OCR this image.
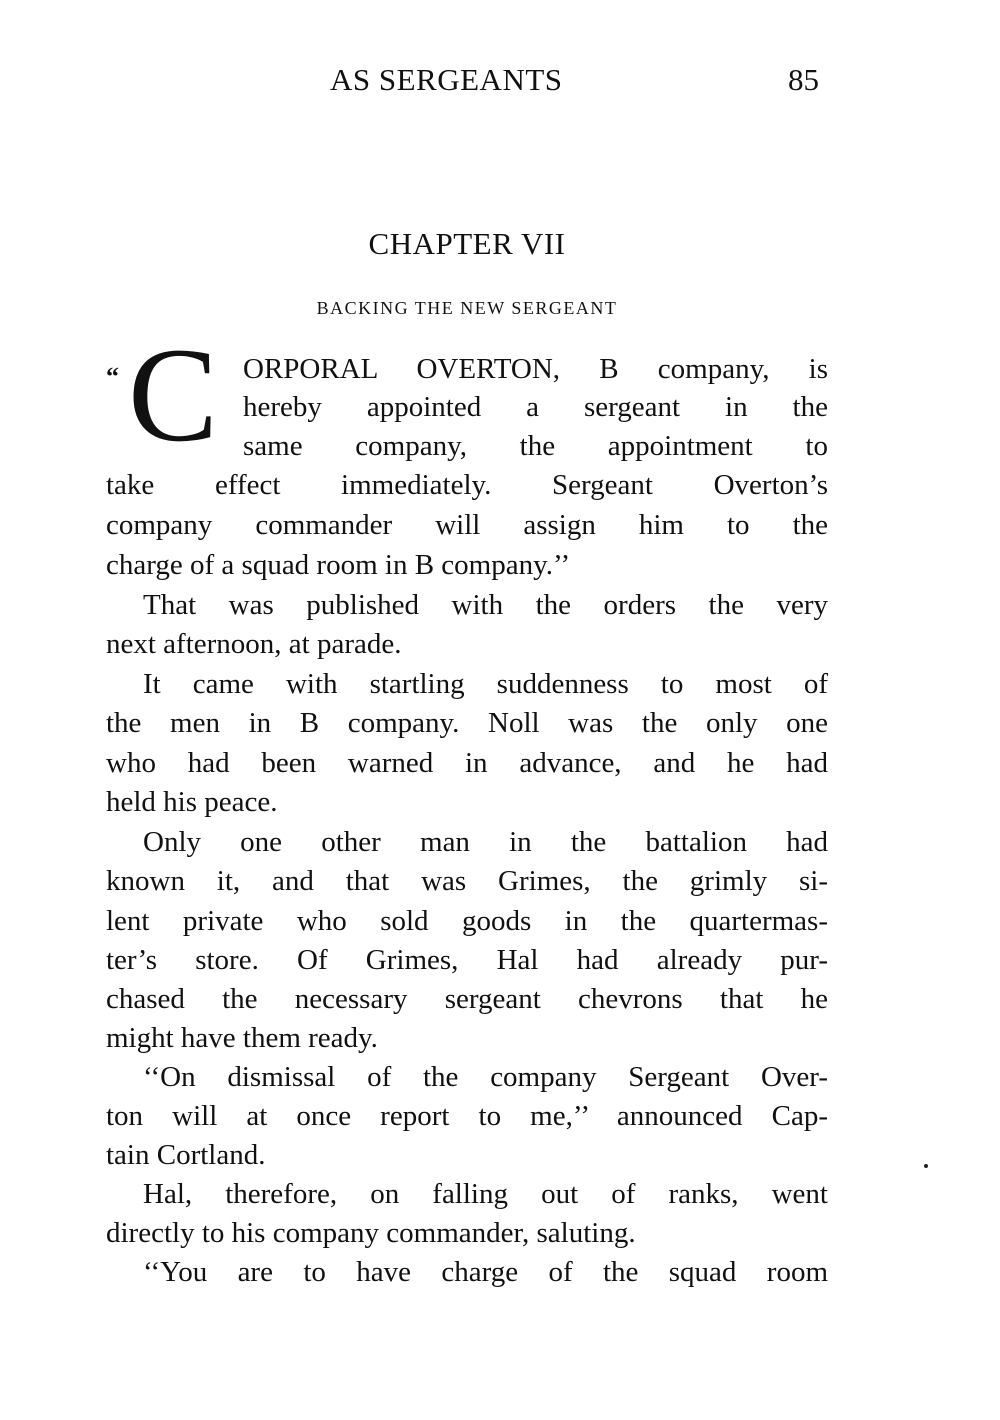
AS SERGEANTS	85
CHAPTER VII
BACKING THE NEW SERGEANT
“ C ORPORAL OVERTON, B company, is
hereby appointed a sergeant in the
same company, the appointment to
take effect immediately. Sergeant Overton’s
company commander will assign him to the
charge of a squad room in B company.’’
That was published with the orders the very
next afternoon, at parade.
It came with startling suddenness to most of
the men in B company. Noll was the only one
who had been warned in advance, and he had
held his peace.
Only one other man in the battalion had
known it, and that was Grimes, the grimly si-
lent private who sold goods in the quartermas-
ter’s store. Of Grimes, Hal had already pur-
chased the necessary sergeant chevrons that he
might have them ready.
‘‘On dismissal of the company Sergeant Over-
ton will at once report to me,’’ announced Cap-
tain Cortland.
Hal, therefore, on falling out of ranks, went
directly to his company commander, saluting.
‘‘You are to have charge of the squad room
